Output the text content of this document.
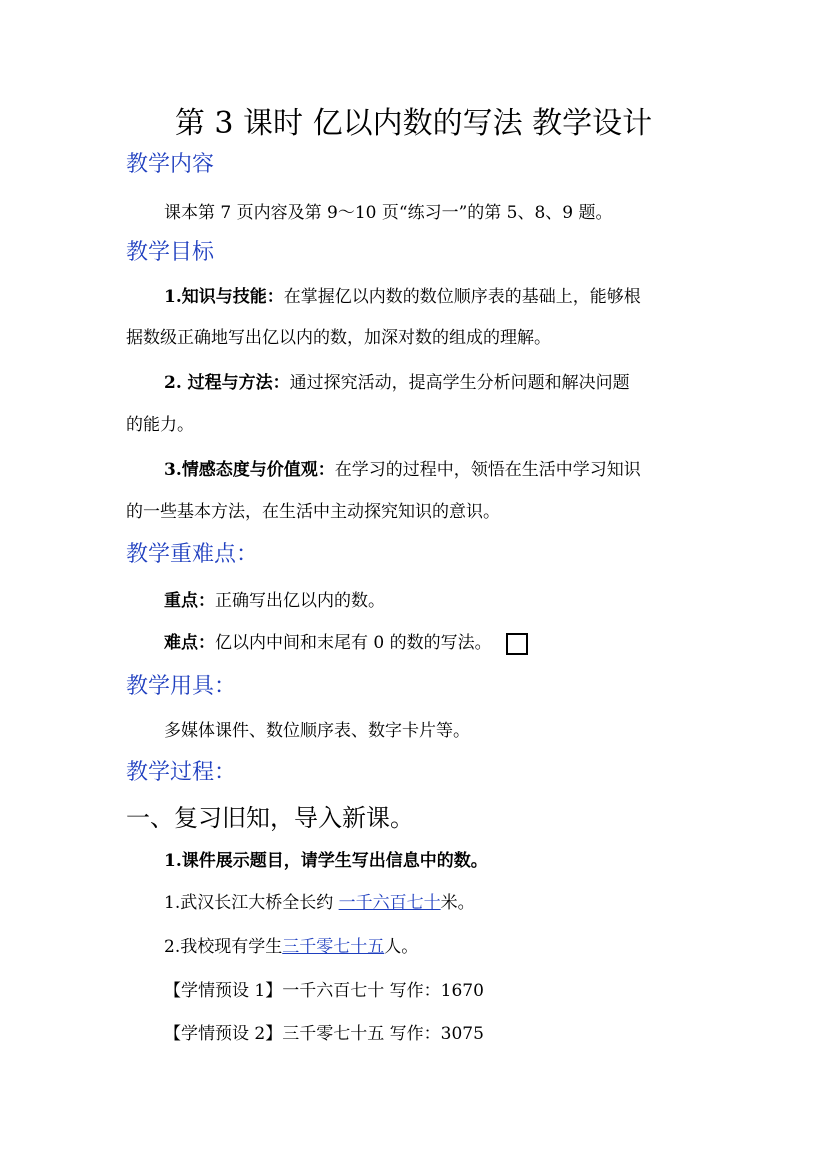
第 3 课时 亿以内数的写法 教学设计
教学内容
课本第 7 页内容及第 9～10 页“练习一”的第 5、8、9 题。
教学目标
1.知识与技能：在掌握亿以内数的数位顺序表的基础上，能够根
据数级正确地写出亿以内的数，加深对数的组成的理解。
2. 过程与方法：通过探究活动，提高学生分析问题和解决问题
的能力。
3.情感态度与价值观：在学习的过程中，领悟在生活中学习知识
的一些基本方法，在生活中主动探究知识的意识。
教学重难点：
重点：正确写出亿以内的数。
难点：亿以内中间和末尾有 0 的数的写法。
教学用具：
多媒体课件、数位顺序表、数字卡片等。
教学过程：
一、复习旧知，导入新课。
1.课件展示题目，请学生写出信息中的数。
1.武汉长江大桥全长约 一千六百七十米。
2.我校现有学生三千零七十五人。
【学情预设 1】一千六百七十 写作：1670
【学情预设 2】三千零七十五 写作：3075
